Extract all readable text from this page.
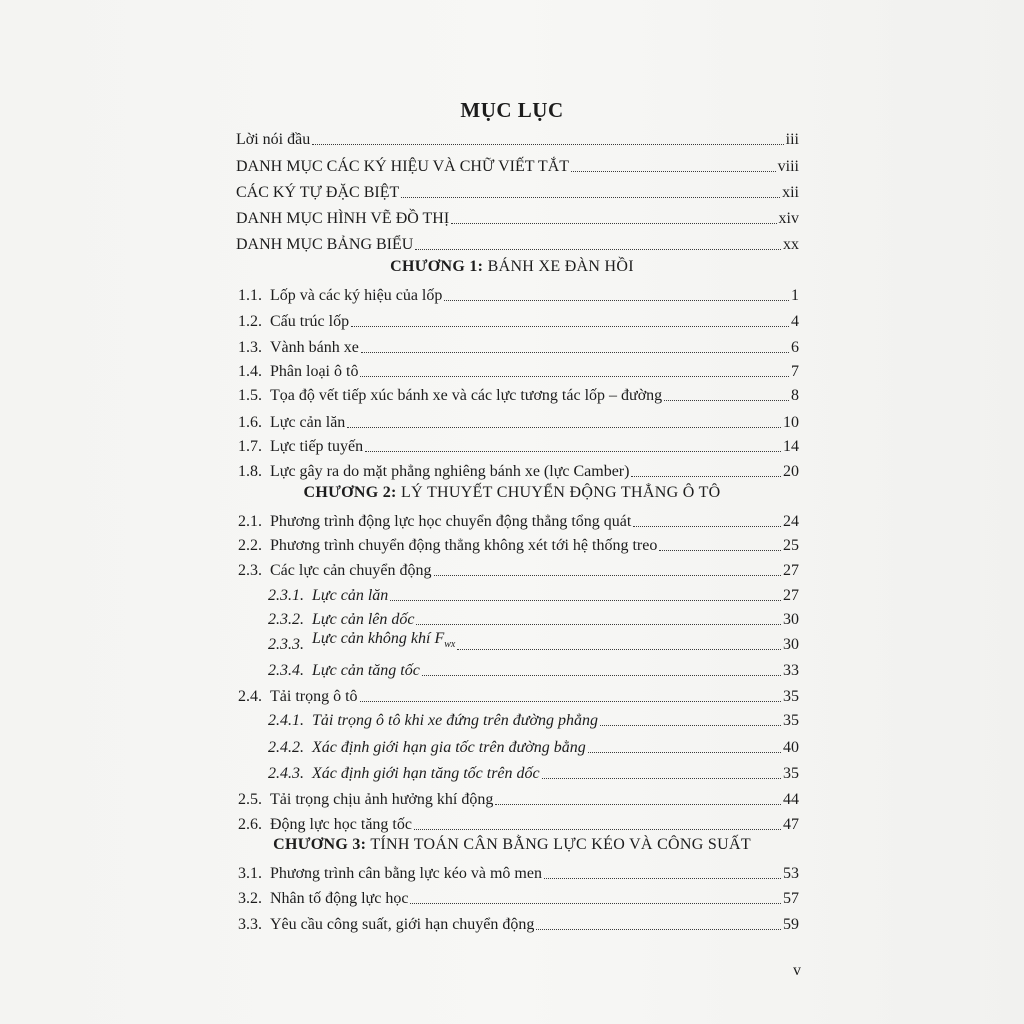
MỤC LỤC
Lời nói đầu	iii
DANH MỤC CÁC KÝ HIỆU VÀ CHỮ VIẾT TẮT	viii
CÁC KÝ TỰ ĐẶC BIỆT	xii
DANH MỤC HÌNH VẼ ĐỒ THỊ	xiv
DANH MỤC BẢNG BIỂU	xx
CHƯƠNG 1: BÁNH XE ĐÀN HỒI
1.1. Lốp và các ký hiệu của lốp	1
1.2. Cấu trúc lốp	4
1.3. Vành bánh xe	6
1.4. Phân loại ô tô	7
1.5. Tọa độ vết tiếp xúc bánh xe và các lực tương tác lốp – đường	8
1.6. Lực cản lăn	10
1.7. Lực tiếp tuyến	14
1.8. Lực gây ra do mặt phẳng nghiêng bánh xe (lực Camber)	20
CHƯƠNG 2: LÝ THUYẾT CHUYỂN ĐỘNG THẲNG Ô TÔ
2.1. Phương trình động lực học chuyển động thẳng tổng quát	24
2.2. Phương trình chuyển động thẳng không xét tới hệ thống treo	25
2.3. Các lực cản chuyển động	27
2.3.1. Lực cản lăn	27
2.3.2. Lực cản lên dốc	30
2.3.3. Lực cản không khí $F_{wx}$	30
2.3.4. Lực cản tăng tốc	33
2.4. Tải trọng ô tô	35
2.4.1. Tải trọng ô tô khi xe đứng trên đường phẳng	35
2.4.2. Xác định giới hạn gia tốc trên đường bằng	40
2.4.3. Xác định giới hạn tăng tốc trên dốc	35
2.5. Tải trọng chịu ảnh hưởng khí động	44
2.6. Động lực học tăng tốc	47
CHƯƠNG 3: TÍNH TOÁN CÂN BẰNG LỰC KÉO VÀ CÔNG SUẤT
3.1. Phương trình cân bằng lực kéo và mô men	53
3.2. Nhân tố động lực học	57
3.3. Yêu cầu công suất, giới hạn chuyển động	59
v
